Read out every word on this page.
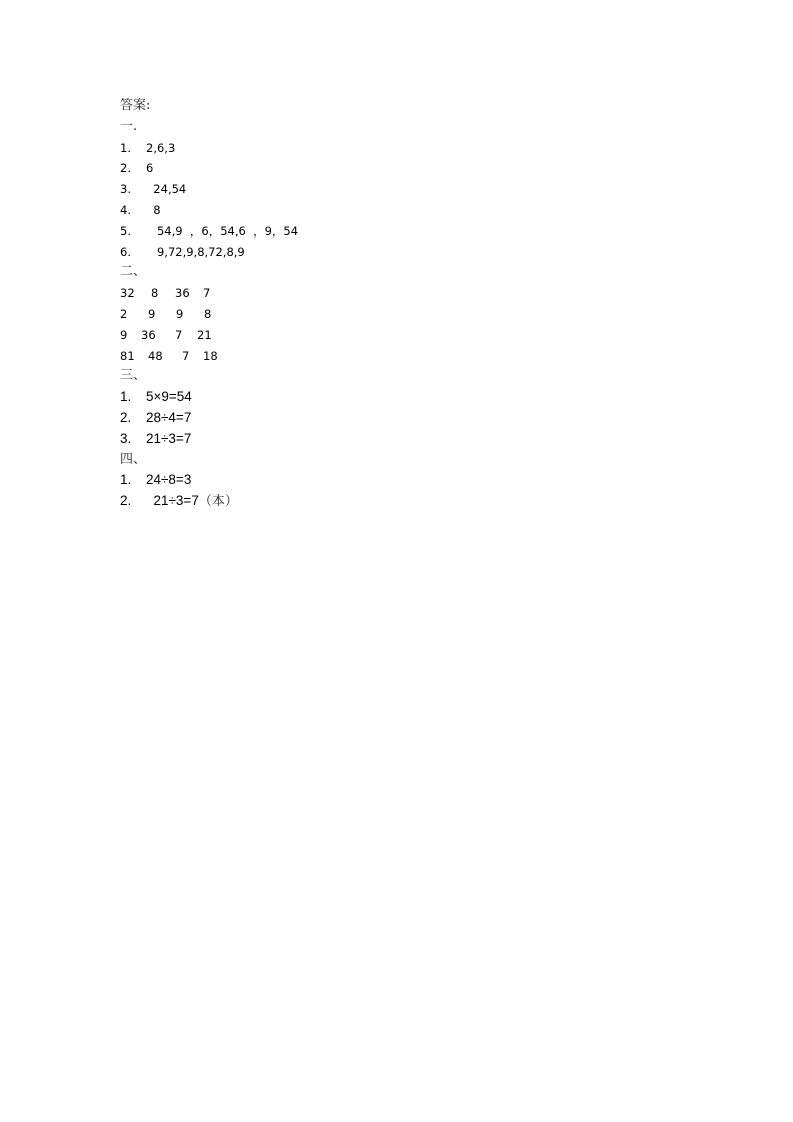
答案:
一.
1. 2,6,3
2. 6
3.  24,54
4.  8
5.   54,9  ，6，54,6  ，9，54
6.   9,72,9,8,72,8,9
二、
32 8 36 7
2 9 9 8
9 36 7 21
81 48 7 18
三、
1. 5×9=54
2. 28÷4=7
3. 21÷3=7
四、
1. 24÷8=3
2.  21÷3=7（本）
